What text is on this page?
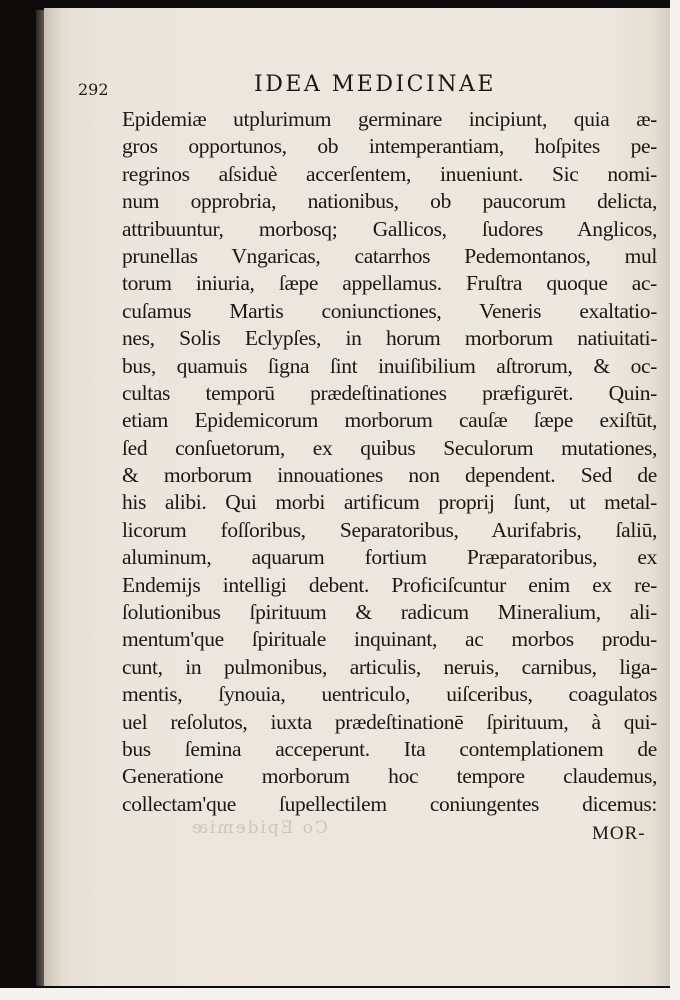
Co Epidemiæ
292	IDEA MEDICINAE
Epidemiæ utplurimum germinare incipiunt, quia æ-
gros opportunos, ob intemperantiam, hoſpites pe-
regrinos aſsiduè accerſentem, inueniunt. Sic nomi-
num opprobria, nationibus, ob paucorum delicta,
attribuuntur, morbosq; Gallicos, ſudores Anglicos,
prunellas Vngaricas, catarrhos Pedemontanos, mul
torum iniuria, ſæpe appellamus. Fruſtra quoque ac-
cuſamus Martis coniunctiones, Veneris exaltatio-
nes, Solis Eclypſes, in horum morborum natiuitati-
bus, quamuis ſigna ſint inuiſibilium aſtrorum, & oc-
cultas temporū prædeſtinationes præfigurēt. Quin-
etiam Epidemicorum morborum cauſæ ſæpe exiſtūt,
ſed conſuetorum, ex quibus Seculorum mutationes,
& morborum innouationes non dependent. Sed de
his alibi. Qui morbi artificum proprij ſunt, ut metal-
licorum foſſoribus, Separatoribus, Aurifabris, ſaliū,
aluminum, aquarum fortium Præparatoribus, ex
Endemijs intelligi debent. Proficiſcuntur enim ex re-
ſolutionibus ſpirituum & radicum Mineralium, ali-
mentum'que ſpirituale inquinant, ac morbos produ-
cunt, in pulmonibus, articulis, neruis, carnibus, liga-
mentis, ſynouia, uentriculo, uiſceribus, coagulatos
uel reſolutos, iuxta prædeſtinationē ſpirituum, à qui-
bus ſemina acceperunt. Ita contemplationem de
Generatione morborum hoc tempore claudemus,
collectam'que ſupellectilem coniungentes dicemus:
MOR-
